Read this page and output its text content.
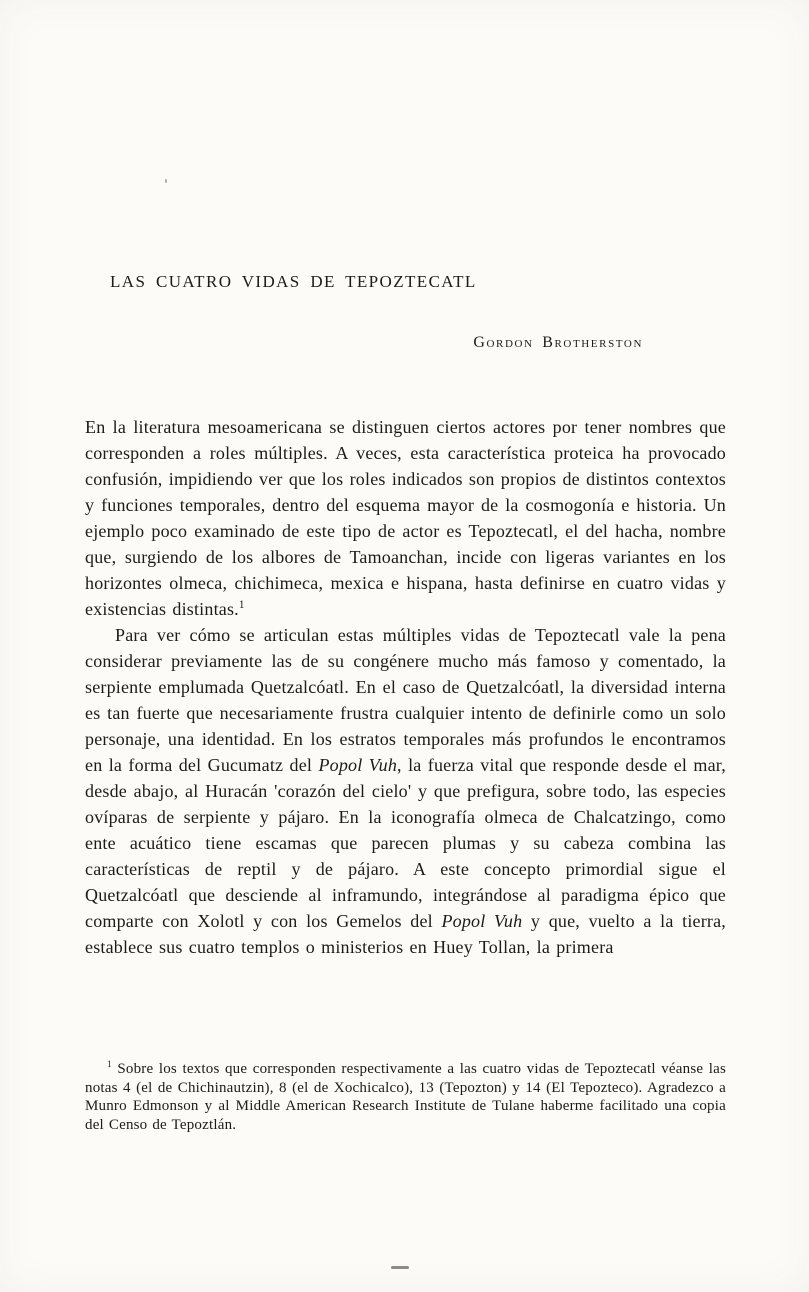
LAS CUATRO VIDAS DE TEPOZTECATL
Gordon Brotherston

En la literatura mesoamericana se distinguen ciertos actores por tener nombres que corresponden a roles múltiples. A veces, esta característica proteica ha provocado confusión, impidiendo ver que los roles indicados son propios de distintos contextos y funciones temporales, dentro del esquema mayor de la cosmogonía e historia. Un ejemplo poco examinado de este tipo de actor es Tepoztecatl, el del hacha, nombre que, surgiendo de los albores de Tamoanchan, incide con ligeras variantes en los horizontes olmeca, chichimeca, mexica e hispana, hasta definirse en cuatro vidas y existencias distintas.$^1$

Para ver cómo se articulan estas múltiples vidas de Tepoztecatl vale la pena considerar previamente las de su congénere mucho más famoso y comentado, la serpiente emplumada Quetzalcóatl. En el caso de Quetzalcóatl, la diversidad interna es tan fuerte que necesariamente frustra cualquier intento de definirle como un solo personaje, una identidad. En los estratos temporales más profundos le encontramos en la forma del Gucumatz del Popol Vuh, la fuerza vital que responde desde el mar, desde abajo, al Huracán 'corazón del cielo' y que prefigura, sobre todo, las especies ovíparas de serpiente y pájaro. En la iconografía olmeca de Chalcatzingo, como ente acuático tiene escamas que parecen plumas y su cabeza combina las características de reptil y de pájaro. A este concepto primordial sigue el Quetzalcóatl que desciende al inframundo, integrándose al paradigma épico que comparte con Xolotl y con los Gemelos del Popol Vuh y que, vuelto a la tierra, establece sus cuatro templos o ministerios en Huey Tollan, la primera

$^1$ Sobre los textos que corresponden respectivamente a las cuatro vidas de Tepoztecatl véanse las notas 4 (el de Chichinautzin), 8 (el de Xochicalco), 13 (Tepozton) y 14 (El Tepozteco). Agradezco a Munro Edmonson y al Middle American Research Institute de Tulane haberme facilitado una copia del Censo de Tepoztlán.
